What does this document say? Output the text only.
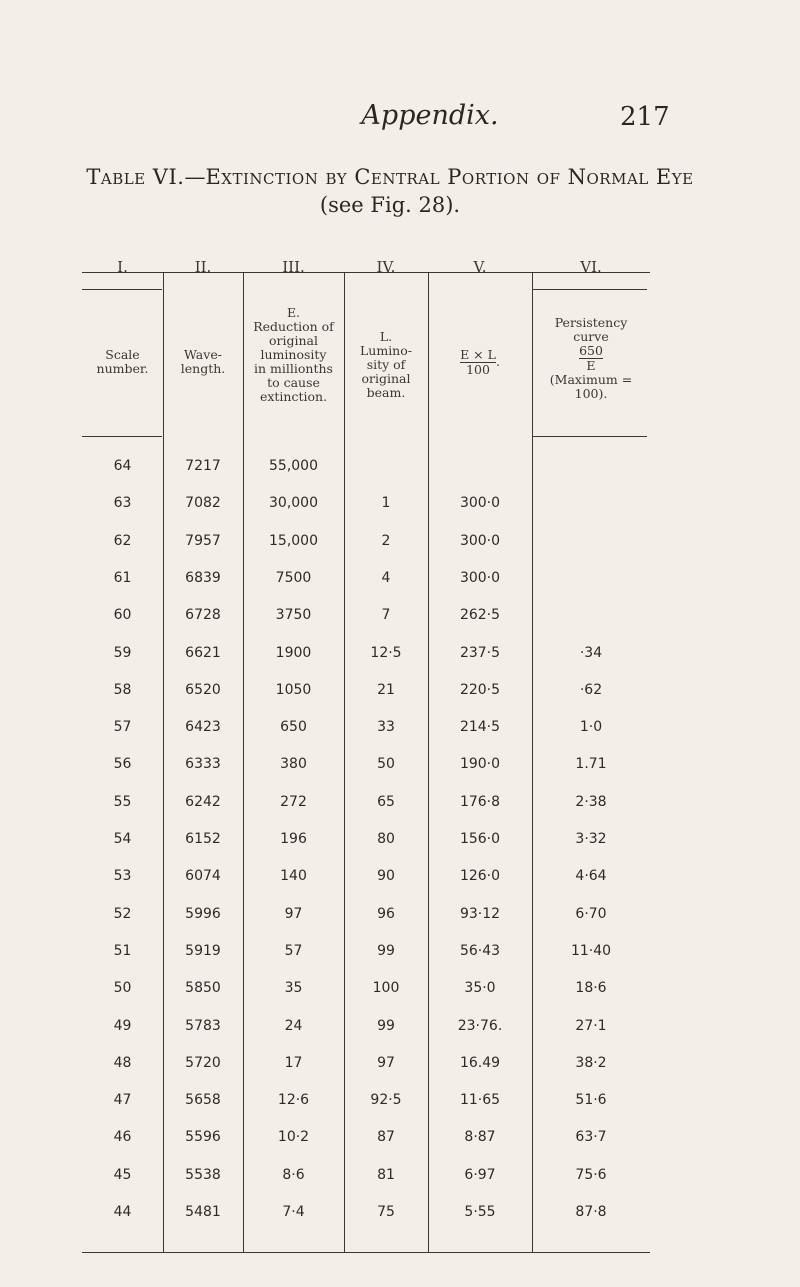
Appendix.	217
Table VI.—Extinction by Central Portion of Normal Eye
(see Fig. 28).
I.	II.	III.	IV.	V.	VI.
Scale
number.
Wave-
length.
E.
Reduction of
original
luminosity
in millionths
to cause
extinction.
L.
Lumino-
sity of
original
beam.
$\frac{E \times L}{100}$ .
Persistency
curve
$\frac{650}{E}$
(Maximum =
100).
64	7217	55,000
63	7082	30,000	1	300·0
62	7957	15,000	2	300·0
61	6839	7500	4	300·0
60	6728	3750	7	262·5
59	6621	1900	12·5	237·5	·34
58	6520	1050	21	220·5	·62
57	6423	650	33	214·5	1·0
56	6333	380	50	190·0	1.71
55	6242	272	65	176·8	2·38
54	6152	196	80	156·0	3·32
53	6074	140	90	126·0	4·64
52	5996	97	96	93·12	6·70
51	5919	57	99	56·43	11·40
50	5850	35	100	35·0	18·6
49	5783	24	99	23·76.	27·1
48	5720	17	97	16.49	38·2
47	5658	12·6	92·5	11·65	51·6
46	5596	10·2	87	8·87	63·7
45	5538	8·6	81	6·97	75·6
44	5481	7·4	75	5·55	87·8
